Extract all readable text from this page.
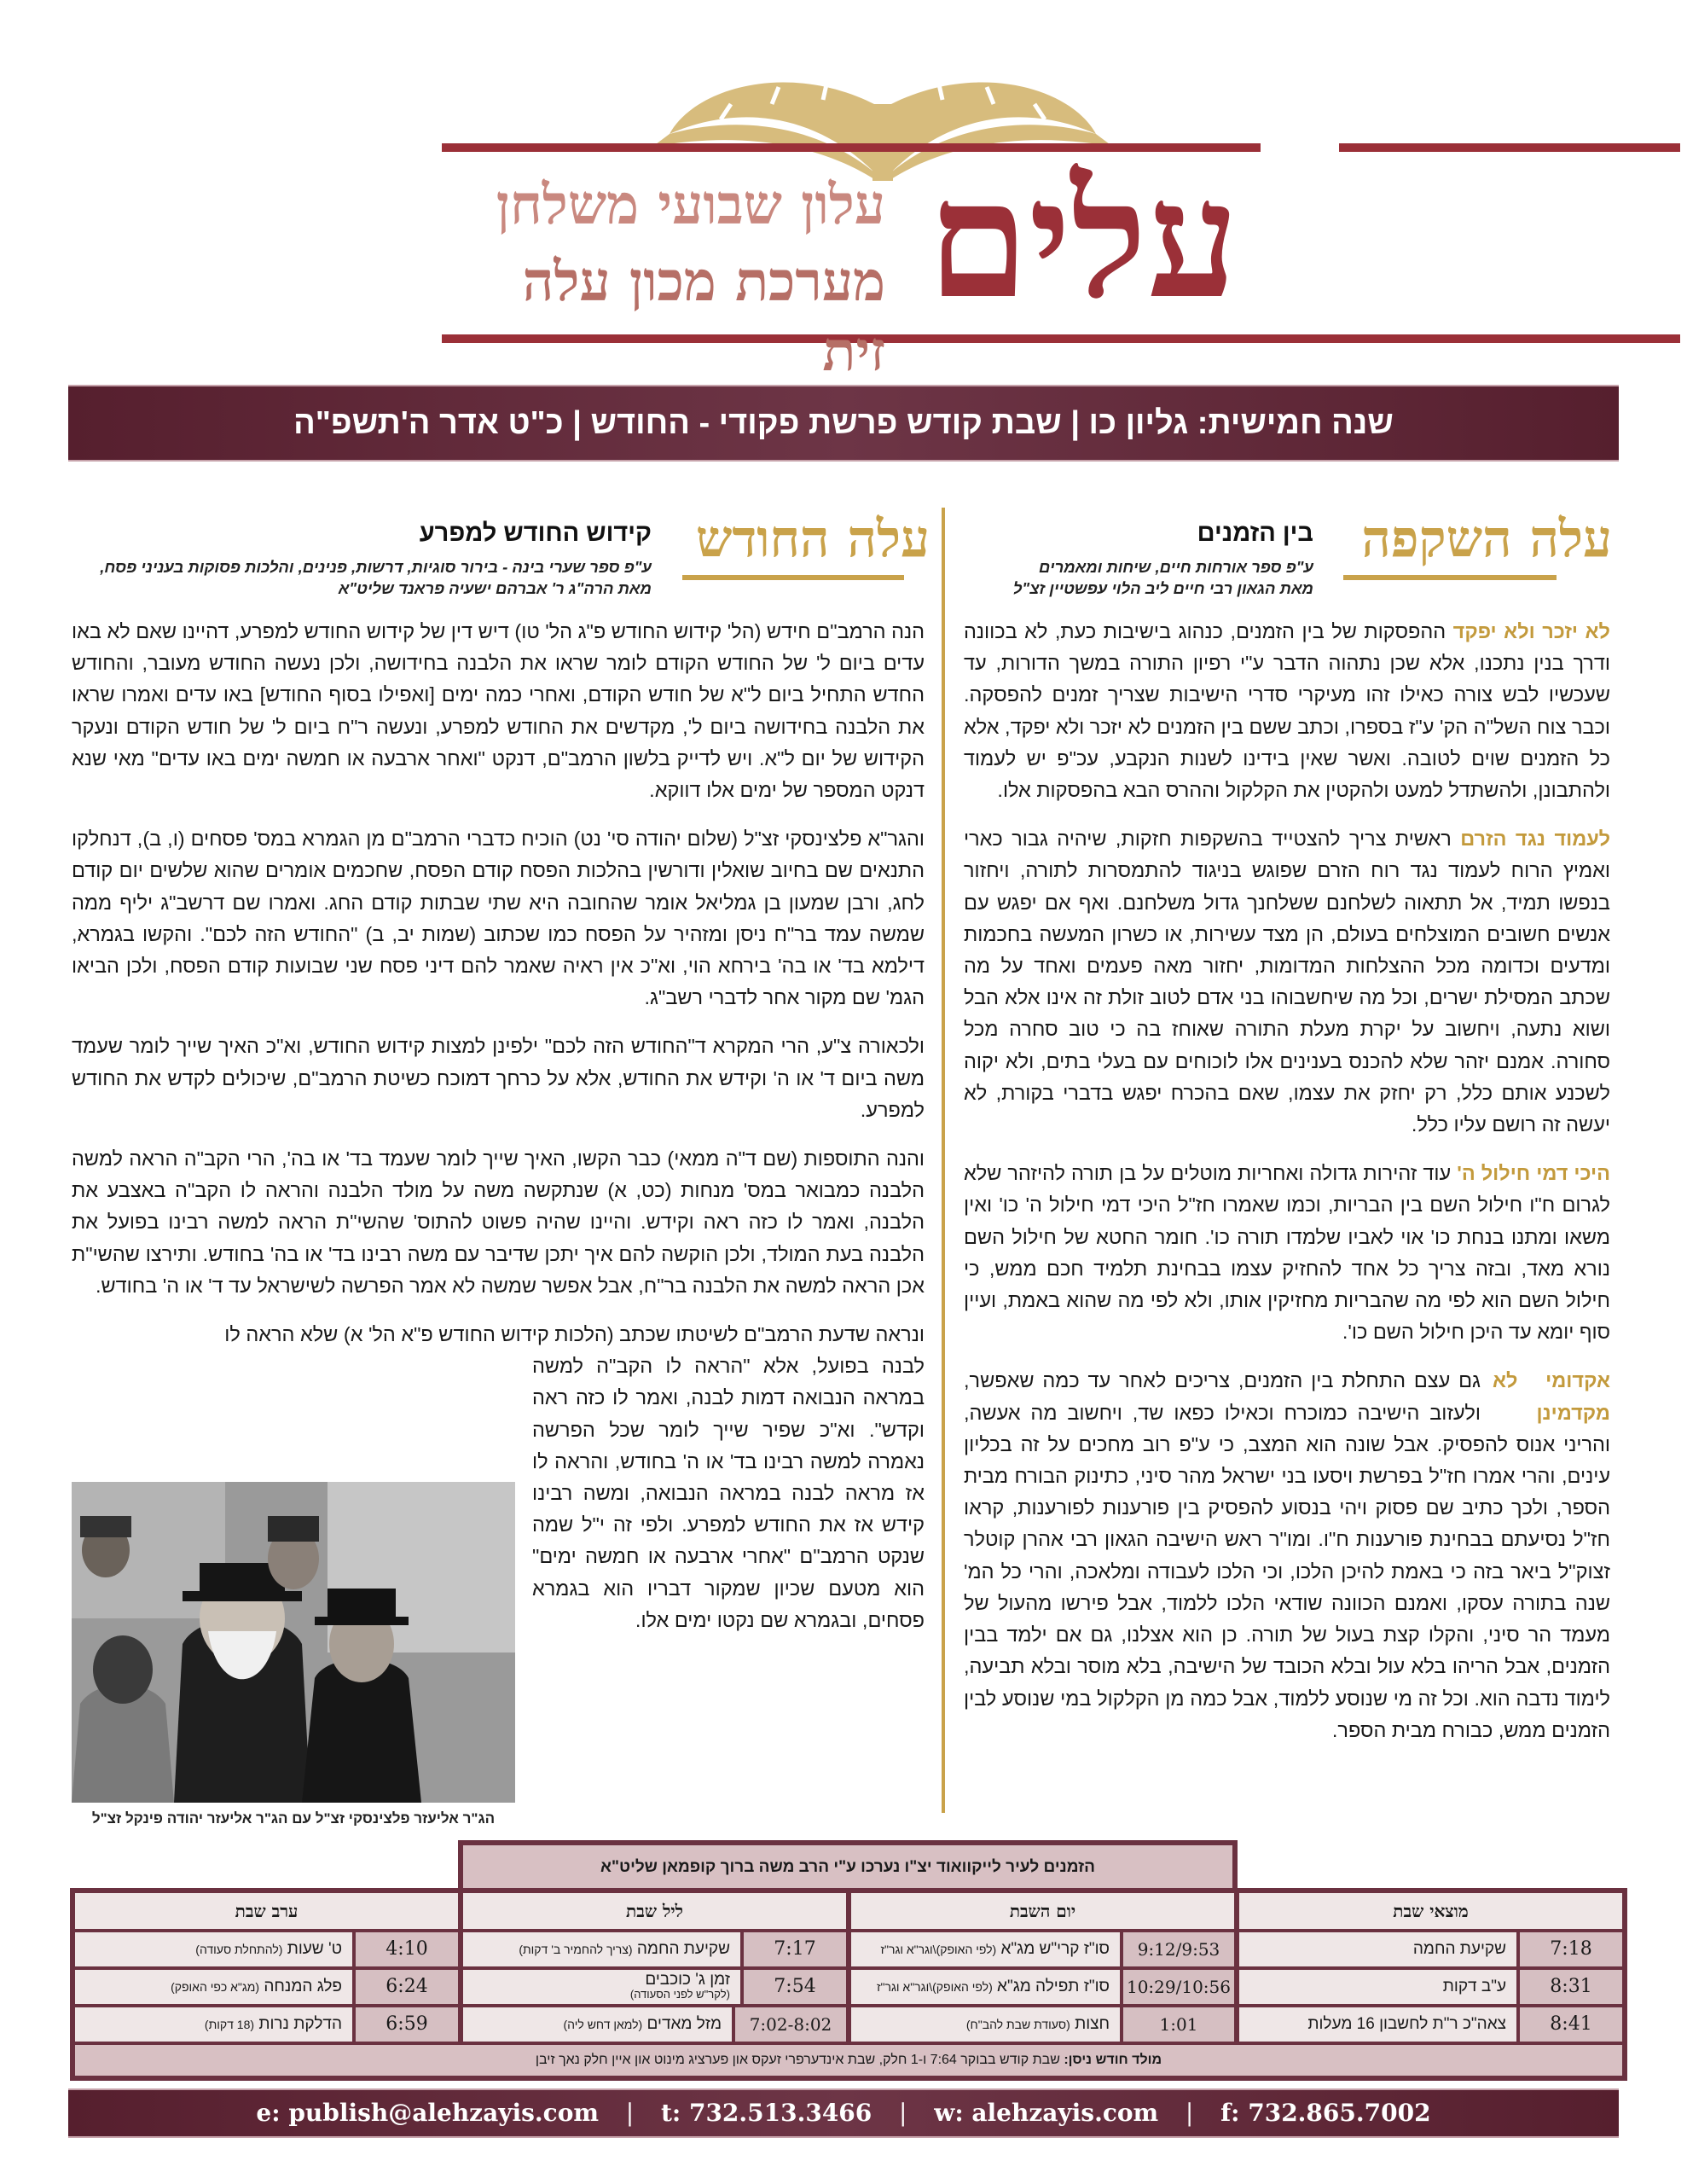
עלים
עלון שבועי משלחן
מערכת מכון עלה זית
שנה חמישית: גליון כו | שבת קודש פרשת פקודי - החודש | כ"ט אדר ה'תשפ"ה
עלה השקפה
בין הזמנים
ע"פ ספר אורחות חיים, שיחות ומאמרים
מאת הגאון רבי חיים ליב הלוי עפשטיין זצ"ל
עלה החודש
קידוש החודש למפרע
ע"פ ספר שערי בינה - בירור סוגיות, דרשות, פנינים, והלכות פסוקות בעניני פסח,
מאת הרה"ג ר' אברהם ישעיה פראנד שליט"א

לא יזכר ולא יפקד ההפסקות של בין הזמנים, כנהוג בישיבות כעת, לא בכוונה ודרך בנין נתכנו, אלא שכן נתהוה הדבר ע"י רפיון התורה במשך הדורות, עד שעכשיו לבש צורה כאילו זהו מעיקרי סדרי הישיבות שצריך זמנים להפסקה. וכבר צוח השל"ה הק' ע"ז בספרו, וכתב ששם בין הזמנים לא יזכר ולא יפקד, אלא כל הזמנים שוים לטובה. ואשר שאין בידינו לשנות הנקבע, עכ"פ יש לעמוד ולהתבונן, ולהשתדל למעט ולהקטין את הקלקול וההרס הבא בהפסקות אלו.

לעמוד נגד הזרם ראשית צריך להצטייד בהשקפות חזקות, שיהיה גבור כארי ואמיץ הרוח לעמוד נגד רוח הזרם שפוגש בניגוד להתמסרות לתורה, ויחזור בנפשו תמיד, אל תתאוה לשלחנם ששלחנך גדול משלחנם. ואף אם יפגש עם אנשים חשובים המוצלחים בעולם, הן מצד עשירות, או כשרון המעשה בחכמות ומדעים וכדומה מכל ההצלחות המדומות, יחזור מאה פעמים ואחד על מה שכתב המסילת ישרים, וכל מה שיחשבוהו בני אדם לטוב זולת זה אינו אלא הבל ושוא נתעה, ויחשוב על יקרת מעלת התורה שאוחז בה כי טוב סחרה מכל סחורה. אמנם יזהר שלא להכנס בענינים אלו לוכוחים עם בעלי בתים, ולא יקוה לשכנע אותם כלל, רק יחזק את עצמו, שאם בהכרח יפגש בדברי בקורת, לא יעשה זה רושם עליו כלל.

היכי דמי חילול ה' עוד זהירות גדולה ואחריות מוטלים על בן תורה להיזהר שלא לגרום ח"ו חילול השם בין הבריות, וכמו שאמרו חז"ל היכי דמי חילול ה' כו' ואין משאו ומתנו בנחת כו' אוי לאביו שלמדו תורה כו'. חומר החטא של חילול השם נורא מאד, ובזה צריך כל אחד להחזיק עצמו בבחינת תלמיד חכם ממש, כי חילול השם הוא לפי מה שהבריות מחזיקין אותו, ולא לפי מה שהוא באמת, ועיין סוף יומא עד היכן חילול השם כו'.

אקדומי לא מקדמינן
גם עצם התחלת בין הזמנים, צריכים לאחר עד כמה שאפשר, ולעזוב הישיבה כמוכרח וכאילו כפאו שד, ויחשוב מה אעשה, והריני אנוס להפסיק. אבל שונה הוא המצב, כי ע"פ רוב מחכים על זה בכליון עינים, והרי אמרו חז"ל בפרשת ויסעו בני ישראל מהר סיני, כתינוק הבורח מבית הספר, ולכך כתיב שם פסוק ויהי בנסוע להפסיק בין פורענות לפורענות, קראו חז"ל נסיעתם בבחינת פורענות ח"ו. ומו"ר ראש הישיבה הגאון רבי אהרן קוטלר זצוק"ל ביאר בזה כי באמת להיכן הלכו, וכי הלכו לעבודה ומלאכה, והרי כל המ' שנה בתורה עסקו, ואמנם הכוונה שודאי הלכו ללמוד, אבל פירשו מהעול של מעמד הר סיני, והקלו קצת בעול של תורה. כן הוא אצלנו, גם אם ילמד בבין הזמנים, אבל הריהו בלא עול ובלא הכובד של הישיבה, בלא מוסר ובלא תביעה, לימוד נדבה הוא. וכל זה מי שנוסע ללמוד, אבל כמה מן הקלקול במי שנוסע לבין הזמנים ממש, כבורח מבית הספר.

הנה הרמב"ם חידש (הל' קידוש החודש פ"ג הל' טו) דיש דין של קידוש החודש למפרע, דהיינו שאם לא באו עדים ביום ל' של החודש הקודם לומר שראו את הלבנה בחידושה, ולכן נעשה החודש מעובר, והחודש החדש התחיל ביום ל"א של חודש הקודם, ואחרי כמה ימים [ואפילו בסוף החודש] באו עדים ואמרו שראו את הלבנה בחידושה ביום ל', מקדשים את החודש למפרע, ונעשה ר"ח ביום ל' של חודש הקודם ונעקר הקידוש של יום ל"א. ויש לדייק בלשון הרמב"ם, דנקט "ואחר ארבעה או חמשה ימים באו עדים" מאי שנא דנקט המספר של ימים אלו דווקא.

והגר"א פלצינסקי זצ"ל (שלום יהודה סי' נט) הוכיח כדברי הרמב"ם מן הגמרא במס' פסחים (ו, ב), דנחלקו התנאים שם בחיוב שואלין ודורשין בהלכות הפסח קודם הפסח, שחכמים אומרים שהוא שלשים יום קודם לחג, ורבן שמעון בן גמליאל אומר שהחובה היא שתי שבתות קודם החג. ואמרו שם דרשב"ג יליף ממה שמשה עמד בר"ח ניסן ומזהיר על הפסח כמו שכתוב (שמות יב, ב) "החודש הזה לכם". והקשו בגמרא, דילמא בד' או בה' בירחא הוי, וא"כ אין ראיה שאמר להם דיני פסח שני שבועות קודם הפסח, ולכן הביאו הגמ' שם מקור אחר לדברי רשב"ג.

ולכאורה צ"ע, הרי המקרא ד"החודש הזה לכם" ילפינן למצות קידוש החודש, וא"כ האיך שייך לומר שעמד משה ביום ד' או ה' וקידש את החודש, אלא על כרחך דמוכח כשיטת הרמב"ם, שיכולים לקדש את החודש למפרע.

והנה התוספות (שם ד"ה ממאי) כבר הקשו, האיך שייך לומר שעמד בד' או בה', הרי הקב"ה הראה למשה הלבנה כמבואר במס' מנחות (כט, א) שנתקשה משה על מולד הלבנה והראה לו הקב"ה באצבע את הלבנה, ואמר לו כזה ראה וקידש. והיינו שהיה פשוט להתוס' שהשי"ת הראה למשה רבינו בפועל את הלבנה בעת המולד, ולכן הוקשה להם איך יתכן שדיבר עם משה רבינו בד' או בה' בחודש. ותירצו שהשי"ת אכן הראה למשה את הלבנה בר"ח, אבל אפשר שמשה לא אמר הפרשה לשישראל עד ד' או ה' בחודש.

ונראה שדעת הרמב"ם לשיטתו שכתב (הלכות קידוש החודש פ"א הל' א) שלא הראה לו

לבנה בפועל, אלא "הראה לו הקב"ה למשה במראה הנבואה דמות לבנה, ואמר לו כזה ראה וקדש". וא"כ שפיר שייך לומר שכל הפרשה נאמרה למשה רבינו בד' או ה' בחודש, והראה לו אז מראה לבנה במראה הנבואה, ומשה רבינו קידש אז את החודש למפרע. ולפי זה י"ל שמה שנקט הרמב"ם "אחרי ארבעה או חמשה ימים" הוא מטעם שכיון שמקור דבריו הוא בגמרא פסחים, ובגמרא שם נקטו ימים אלו.
הג"ר אליעזר פלצינסקי זצ"ל עם הג"ר אליעזר יהודה פינקל זצ"ל
הזמנים לעיר לייקוואוד יצ"ו נערכו ע"י הרב משה ברוך קופמאן שליט"א
ערב שבת
ט' שעות (להתחלת סעודה)	4:10
פלג המנחה (מג"א כפי האופק)	6:24
הדלקת נרות (18 דקות)	6:59
ליל שבת
שקיעת החמה (צריך להחמיר ב' דקות)	7:17
זמן ג' כוכבים
(לקר"ש לפני הסעודה)	7:54
מזל מאדים (למאן דחש ליה)	7:02-8:02
יום השבת
סו"ז קרי"ש מג"א (לפי האופק)\וגר"א וגר"ז	9:12/9:53
סו"ז תפילה מג"א (לפי האופק)\וגר"א וגר"ז	10:29/10:56
חצות (סעודת שבת להב"ח)	1:01
מוצאי שבת
שקיעת החמה	7:18
ע"ב דקות	8:31
צאה"כ ר"ת לחשבון 16 מעלות	8:41
מולד חודש ניסן: שבת קודש בבוקר 7:64 ו-1 חלק, שבת אינדערפרי זעקס און פערציג מינוט און איין חלק נאך זיבן
e: publish@alehzayis.com | t: 732.513.3466 | w: alehzayis.com | f: 732.865.7002
